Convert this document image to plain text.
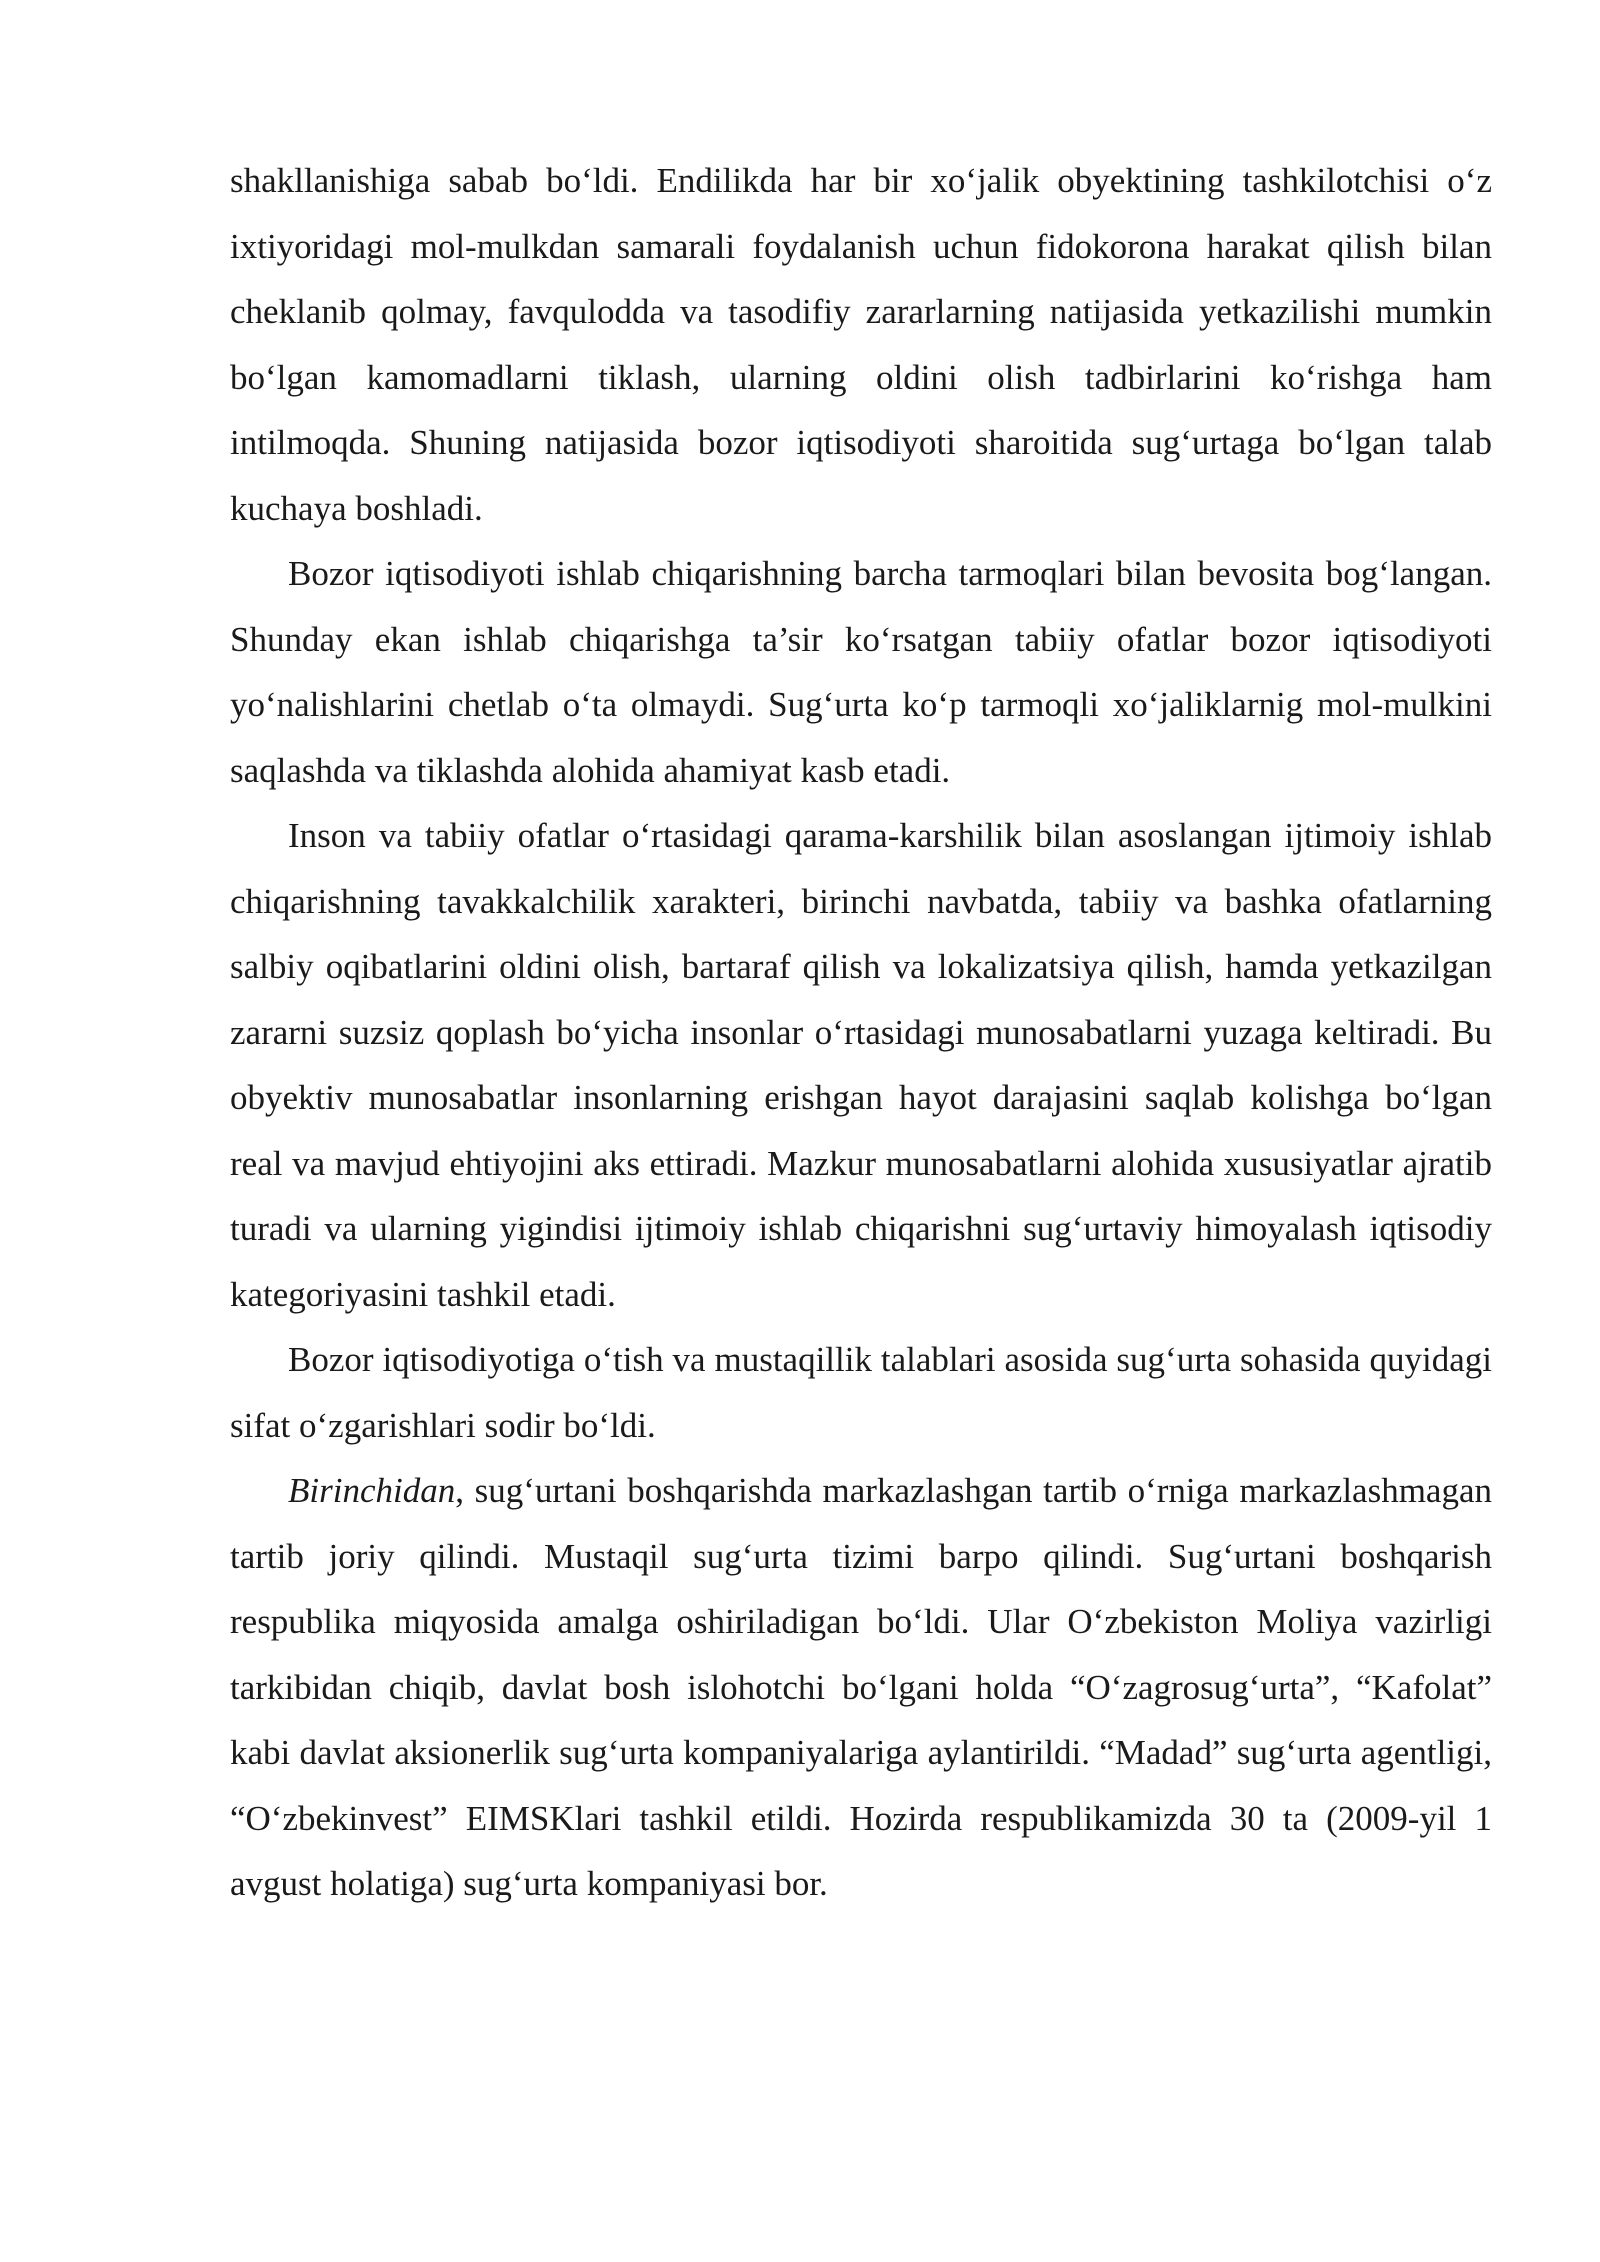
shakllanishiga sabab bo‘ldi. Endilikda har bir xo‘jalik obyektining tashkilotchisi o‘z ixtiyoridagi mol-mulkdan samarali foydalanish uchun fidokorona harakat qilish bilan cheklanib qolmay, favqulodda va tasodifiy zararlarning natijasida yetkazilishi mumkin bo‘lgan kamomadlarni tiklash, ularning oldini olish tadbirlarini ko‘rishga ham intilmoqda. Shuning natijasida bozor iqtisodiyoti sharoitida sug‘urtaga bo‘lgan talab kuchaya boshladi.

Bozor iqtisodiyoti ishlab chiqarishning barcha tarmoqlari bilan bevosita bog‘langan. Shunday ekan ishlab chiqarishga ta’sir ko‘rsatgan tabiiy ofatlar bozor iqtisodiyoti yo‘nalishlarini chetlab o‘ta olmaydi. Sug‘urta ko‘p tarmoqli xo‘jaliklarnig mol-mulkini saqlashda va tiklashda alohida ahamiyat kasb etadi.

Inson va tabiiy ofatlar o‘rtasidagi qarama-karshilik bilan asoslangan ijtimoiy ishlab chiqarishning tavakkalchilik xarakteri, birinchi navbatda, tabiiy va bashka ofatlarning salbiy oqibatlarini oldini olish, bartaraf qilish va lokalizatsiya qilish, hamda yetkazilgan zararni suzsiz qoplash bo‘yicha insonlar o‘rtasidagi munosabatlarni yuzaga keltiradi. Bu obyektiv munosabatlar insonlarning erishgan hayot darajasini saqlab kolishga bo‘lgan real va mavjud ehtiyojini aks ettiradi. Mazkur munosabatlarni alohida xususiyatlar ajratib turadi va ularning yigindisi ijtimoiy ishlab chiqarishni sug‘urtaviy himoyalash iqtisodiy kategoriyasini tashkil etadi.

Bozor iqtisodiyotiga o‘tish va mustaqillik talablari asosida sug‘urta sohasida quyidagi sifat o‘zgarishlari sodir bo‘ldi.

Birinchidan, sug‘urtani boshqarishda markazlashgan tartib o‘rniga markazlashmagan tartib joriy qilindi. Mustaqil sug‘urta tizimi barpo qilindi. Sug‘urtani boshqarish respublika miqyosida amalga oshiriladigan bo‘ldi. Ular O‘zbekiston Moliya vazirligi tarkibidan chiqib, davlat bosh islohotchi bo‘lgani holda “O‘zagrosug‘urta”, “Kafolat” kabi davlat aksionerlik sug‘urta kompaniyalariga aylantirildi. “Madad” sug‘urta agentligi, “O‘zbekinvest” EIMSKlari tashkil etildi. Hozirda respublikamizda 30 ta (2009-yil 1 avgust holatiga) sug‘urta kompaniyasi bor.
